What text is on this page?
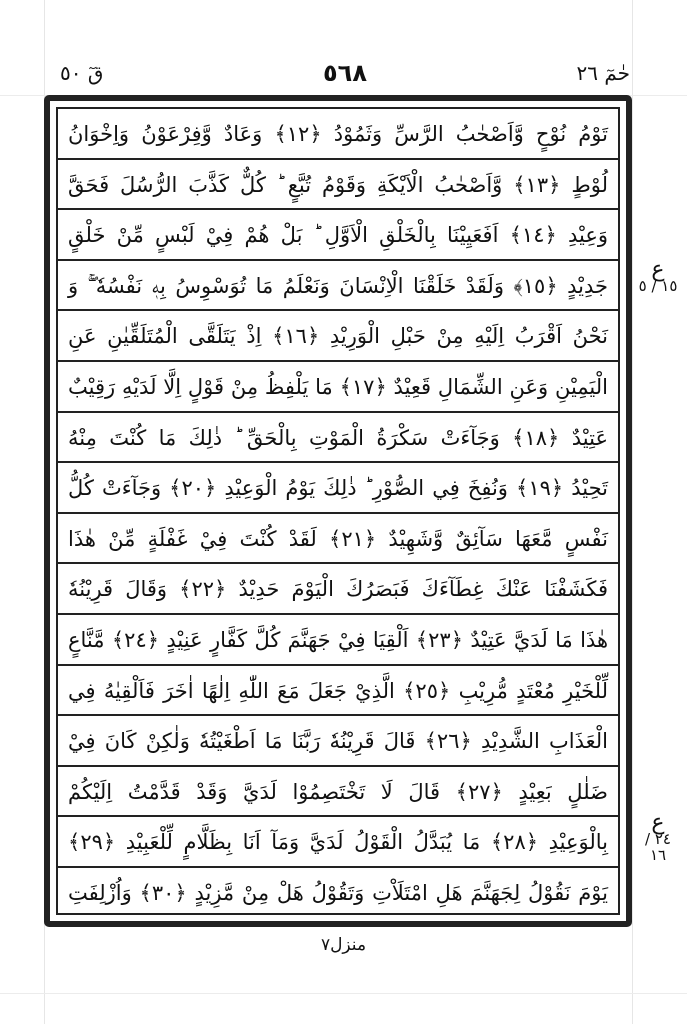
حٰمٓ ٢٦
٥٦٨
قٓ ٥٠
تَوْمُ نُوْحٍ وَّاَصْحٰبُ الرَّسِّ وَثَمُوْدُ ﴿١٢﴾ وَعَادٌ وَّفِرْعَوْنُ وَاِخْوَانُ
لُوْطٍ ﴿١٣﴾ وَّاَصْحٰبُ الْاَيْكَةِ وَقَوْمُ تُبَّعٍ ؕ كُلٌّ كَذَّبَ الرُّسُلَ فَحَقَّ
وَعِيْدِ ﴿١٤﴾ اَفَعَيِيْنَا بِالْخَلْقِ الْاَوَّلِ ؕ بَلْ هُمْ فِيْ لَبْسٍ مِّنْ خَلْقٍ
جَدِيْدٍ ﴿١٥﴾ وَلَقَدْ خَلَقْنَا الْاِنْسَانَ وَنَعْلَمُ مَا تُوَسْوِسُ بِهٖ نَفْسُهٗ ۚۖ وَ
نَحْنُ اَقْرَبُ اِلَيْهِ مِنْ حَبْلِ الْوَرِيْدِ ﴿١٦﴾ اِذْ يَتَلَقَّى الْمُتَلَقِّيٰنِ عَنِ
الْيَمِيْنِ وَعَنِ الشِّمَالِ قَعِيْدٌ ﴿١٧﴾ مَا يَلْفِظُ مِنْ قَوْلٍ اِلَّا لَدَيْهِ رَقِيْبٌ
عَتِيْدٌ ﴿١٨﴾ وَجَآءَتْ سَكْرَةُ الْمَوْتِ بِالْحَقِّ ؕ ذٰلِكَ مَا كُنْتَ مِنْهُ
تَحِيْدُ ﴿١٩﴾ وَنُفِخَ فِي الصُّوْرِ ؕ ذٰلِكَ يَوْمُ الْوَعِيْدِ ﴿٢٠﴾ وَجَآءَتْ كُلُّ
نَفْسٍ مَّعَهَا سَآئِقٌ وَّشَهِيْدٌ ﴿٢١﴾ لَقَدْ كُنْتَ فِيْ غَفْلَةٍ مِّنْ هٰذَا
فَكَشَفْنَا عَنْكَ غِطَآءَكَ فَبَصَرُكَ الْيَوْمَ حَدِيْدٌ ﴿٢٢﴾ وَقَالَ قَرِيْنُهٗ
هٰذَا مَا لَدَيَّ عَتِيْدٌ ﴿٢٣﴾ اَلْقِيَا فِيْ جَهَنَّمَ كُلَّ كَفَّارٍ عَنِيْدٍ ﴿٢٤﴾ مَّنَّاعٍ
لِّلْخَيْرِ مُعْتَدٍ مُّرِيْبِ ﴿٢٥﴾ الَّذِيْ جَعَلَ مَعَ اللّٰهِ اِلٰهًا اٰخَرَ فَاَلْقِيٰهُ فِي
الْعَذَابِ الشَّدِيْدِ ﴿٢٦﴾ قَالَ قَرِيْنُهٗ رَبَّنَا مَا اَطْغَيْتُهٗ وَلٰكِنْ كَانَ فِيْ
ضَلٰلٍ بَعِيْدٍ ﴿٢٧﴾ قَالَ لَا تَخْتَصِمُوْا لَدَيَّ وَقَدْ قَدَّمْتُ اِلَيْكُمْ
بِالْوَعِيْدِ ﴿٢٨﴾ مَا يُبَدَّلُ الْقَوْلُ لَدَيَّ وَمَآ اَنَا بِظَلَّامٍ لِّلْعَبِيْدِ ﴿٢٩﴾
يَوْمَ نَقُوْلُ لِجَهَنَّمَ هَلِ امْتَلَاْتِ وَتَقُوْلُ هَلْ مِنْ مَّزِيْدٍ ﴿٣٠﴾ وَاُزْلِفَتِ
ع
١٥ / ٥
ع
٢٤ / ١٦
منزل٧
